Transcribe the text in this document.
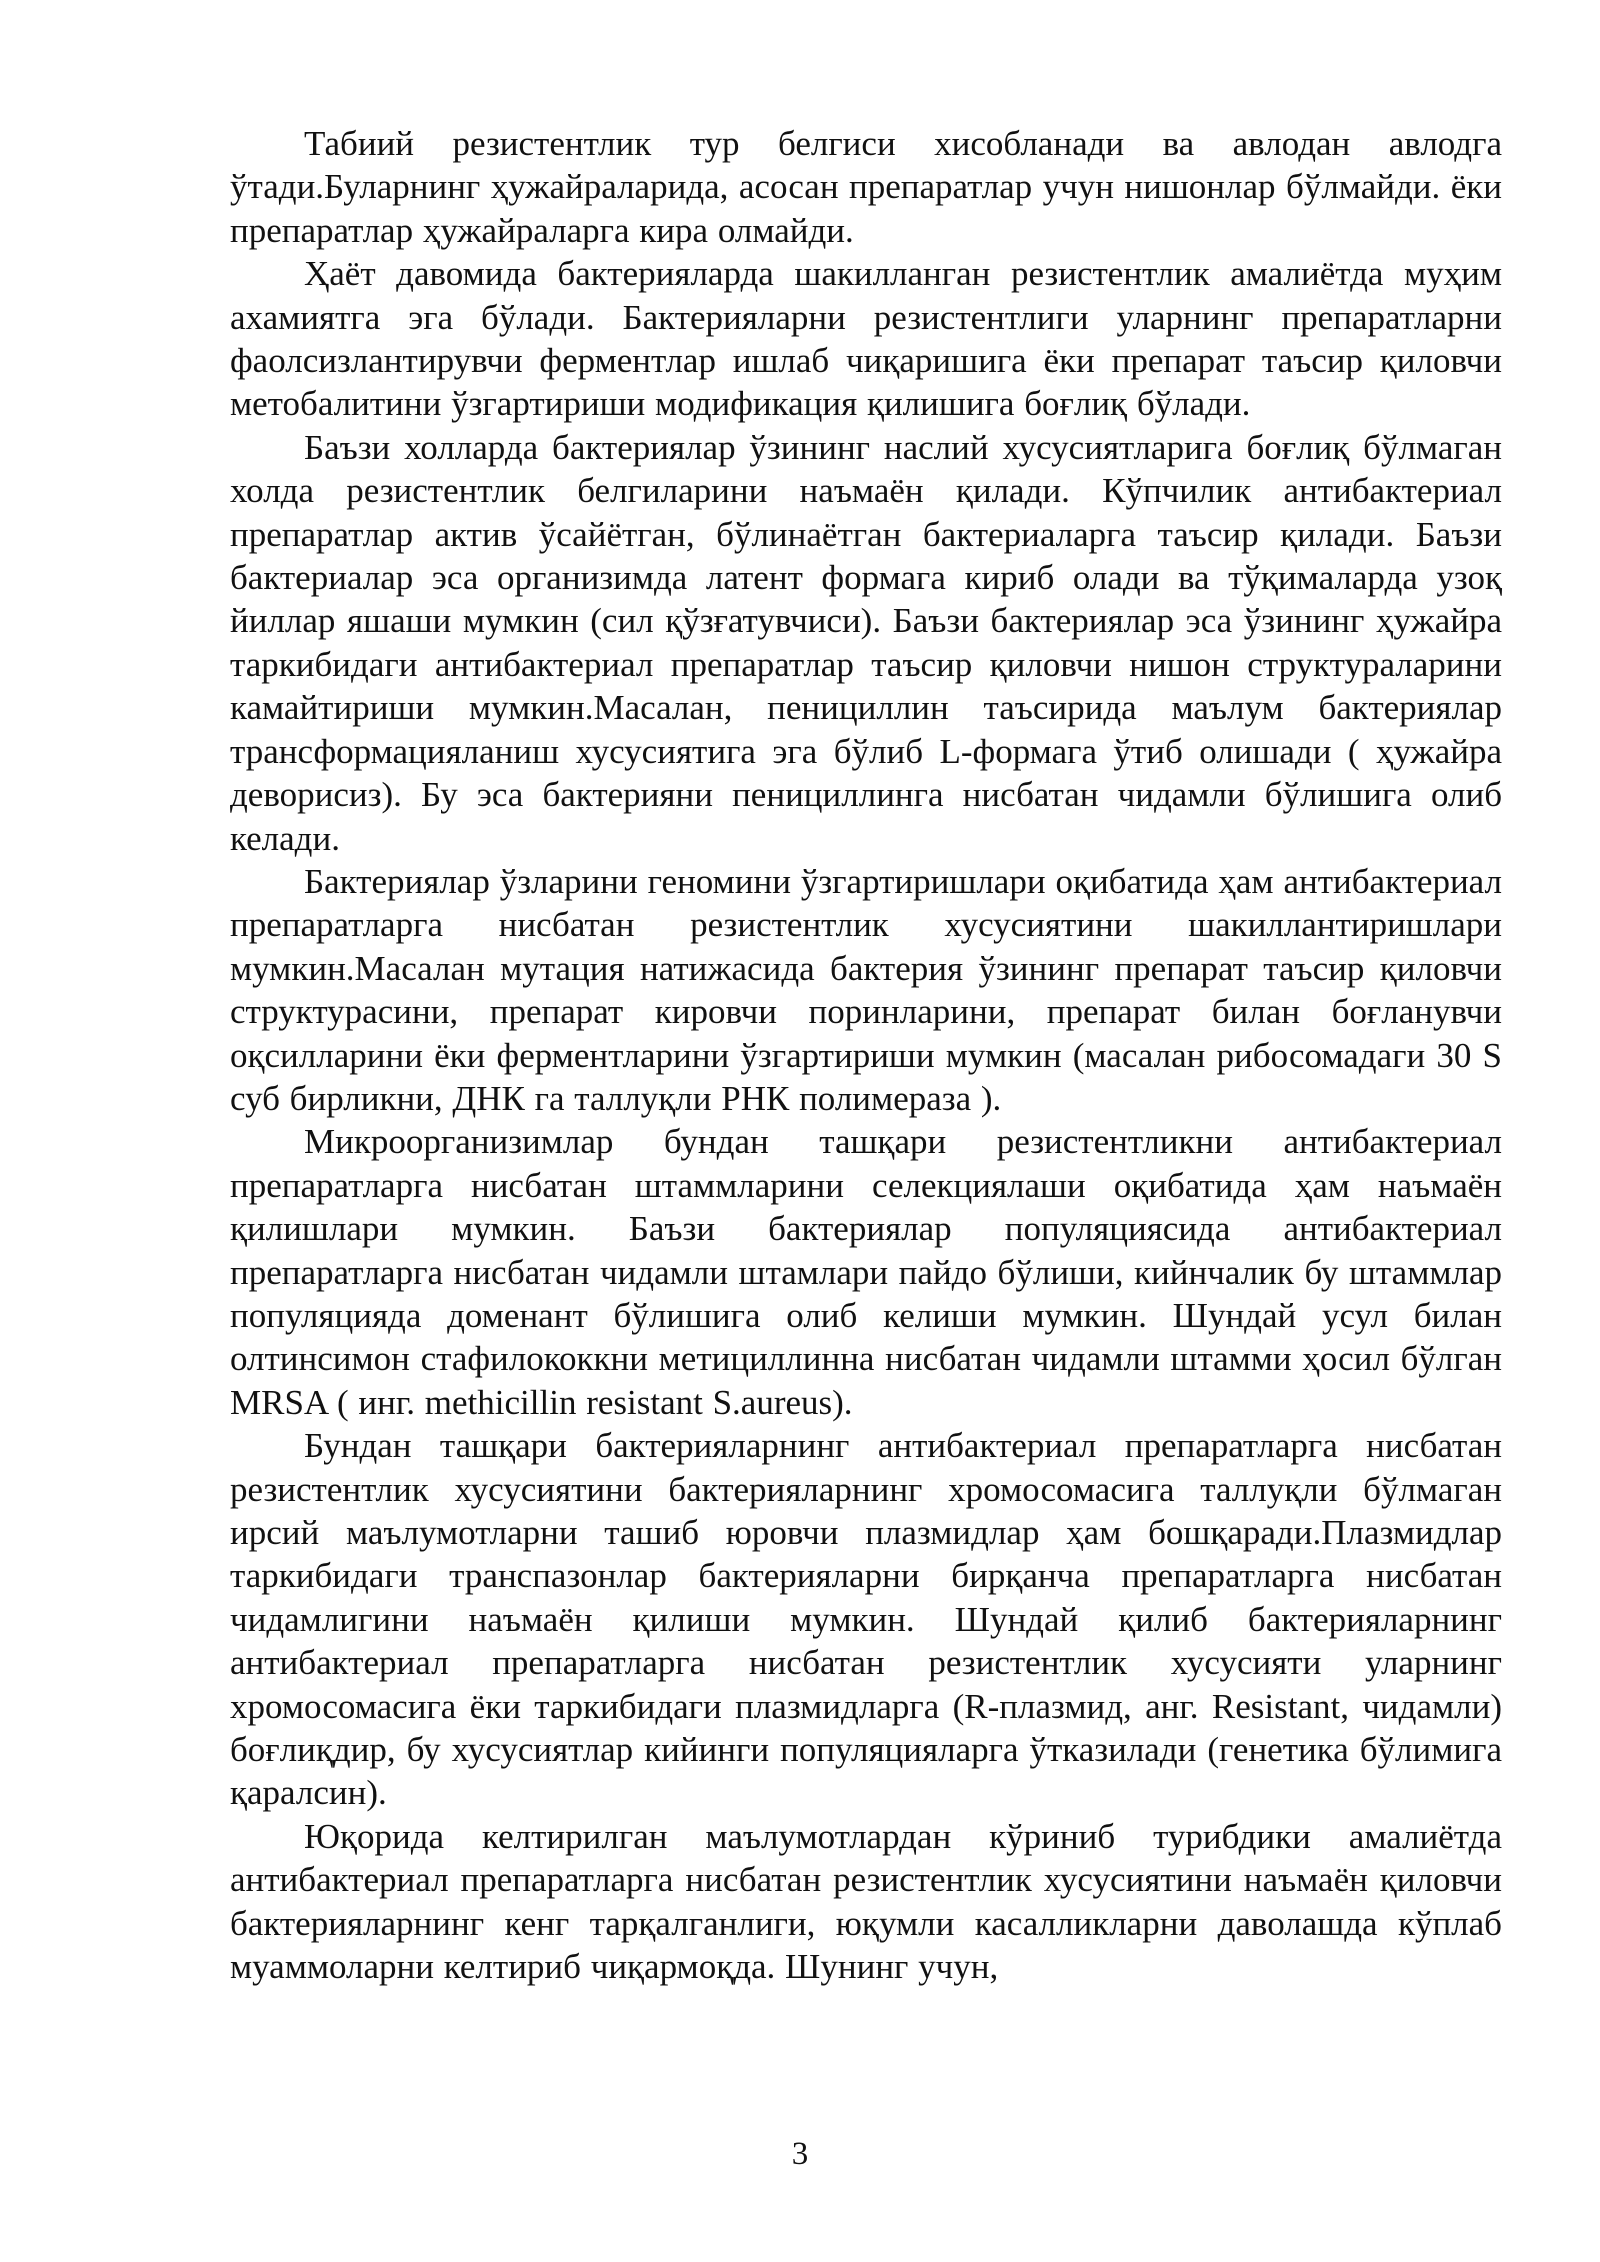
Табиий резистентлик тур белгиси хисобланади ва авлодан авлодга ўтади.Буларнинг ҳужайраларида, асосан препаратлар учун нишонлар бўлмайди. ёки препаратлар ҳужайраларга кира олмайди.

Ҳаёт давомида бактерияларда шакилланган резистентлик амалиётда муҳим ахамиятга эга бўлади. Бактерияларни резистентлиги уларнинг препаратларни фаолсизлантирувчи ферментлар ишлаб чиқаришига ёки препарат таъсир қиловчи метобалитини ўзгартириши модификация қилишига боғлиқ бўлади.

Баъзи холларда бактериялар ўзининг наслий хусусиятларига боғлиқ бўлмаган холда резистентлик белгиларини наъмаён қилади. Кўпчилик антибактериал препаратлар актив ўсайётган, бўлинаётган бактериаларга таъсир қилади. Баъзи бактериалар эса организимда латент формага кириб олади ва тўқималарда узоқ йиллар яшаши мумкин (сил қўзғатувчиси). Баъзи бактериялар эса ўзининг ҳужайра таркибидаги антибактериал препаратлар таъсир қиловчи нишон структураларини камайтириши мумкин.Масалан, пенициллин таъсирида маълум бактериялар трансформацияланиш хусусиятига эга бўлиб L-формага ўтиб олишади ( ҳужайра деворисиз). Бу эса бактерияни пенициллинга нисбатан чидамли бўлишига олиб келади.

Бактериялар ўзларини геномини ўзгартиришлари оқибатида ҳам антибактериал препаратларга нисбатан резистентлик хусусиятини шакиллантиришлари мумкин.Масалан мутация натижасида бактерия ўзининг препарат таъсир қиловчи структурасини, препарат кировчи поринларини, препарат билан боғланувчи оқсилларини ёки ферментларини ўзгартириши мумкин (масалан рибосомадаги 30 S суб бирликни, ДНК га таллуқли РНК полимераза ).

Микроорганизимлар бундан ташқари резистентликни антибактериал препаратларга нисбатан штаммларини селекциялаши оқибатида ҳам наъмаён қилишлари мумкин. Баъзи бактериялар популяциясида антибактериал препаратларга нисбатан чидамли штамлари пайдо бўлиши, кийнчалик бу штаммлар популяцияда доменант бўлишига олиб келиши мумкин. Шундай усул билан олтинсимон стафилококкни метициллинна нисбатан чидамли штамми ҳосил бўлган MRSA ( инг. methicillin resistant S.aureus).

Бундан ташқари бактерияларнинг антибактериал препаратларга нисбатан резистентлик хусусиятини бактерияларнинг хромосомасига таллуқли бўлмаган ирсий маълумотларни ташиб юровчи плазмидлар ҳам бошқаради.Плазмидлар таркибидаги транспазонлар бактерияларни бирқанча препаратларга нисбатан чидамлигини наъмаён қилиши мумкин. Шундай қилиб бактерияларнинг антибактериал препаратларга нисбатан резистентлик хусусияти уларнинг хромосомасига ёки таркибидаги плазмидларга (R-плазмид, анг. Resistant, чидамли) боғлиқдир, бу хусусиятлар кийинги популяцияларга ўтказилади (генетика бўлимига қаралсин).

Юқорида келтирилган маълумотлардан кўриниб турибдики амалиётда антибактериал препаратларга нисбатан резистентлик хусусиятини наъмаён қиловчи бактерияларнинг кенг тарқалганлиги, юқумли касалликларни даволашда кўплаб муаммоларни келтириб чиқармоқда. Шунинг учун,

3
